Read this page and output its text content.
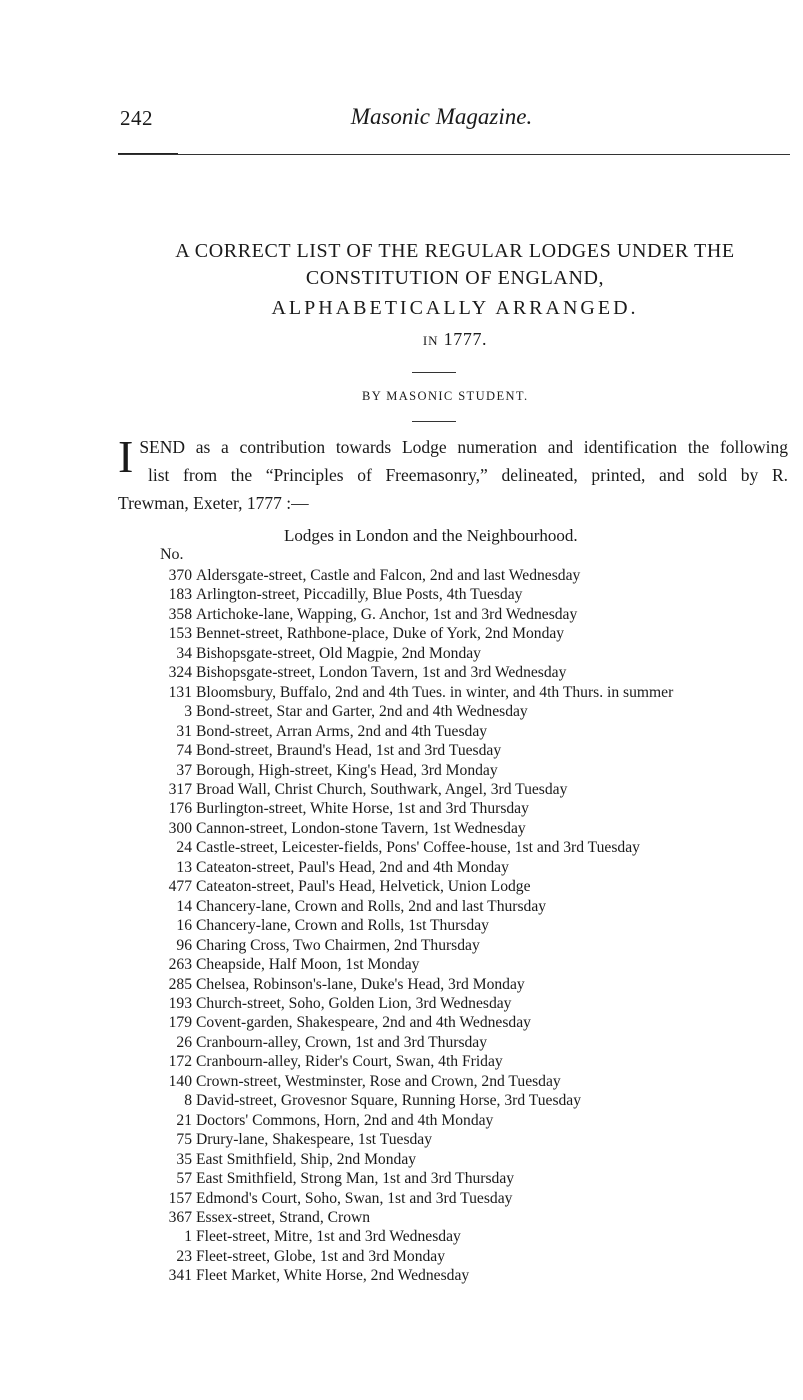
242	Masonic Magazine.
A CORRECT LIST OF THE REGULAR LODGES UNDER THE
CONSTITUTION OF ENGLAND,
ALPHABETICALLY ARRANGED.
IN 1777.
BY MASONIC STUDENT.
I SEND as a contribution towards Lodge numeration and identification the following
list from the “Principles of Freemasonry,” delineated, printed, and sold by R.
Trewman, Exeter, 1777 :—
Lodges in London and the Neighbourhood.
No.
370 Aldersgate-street, Castle and Falcon, 2nd and last Wednesday
183 Arlington-street, Piccadilly, Blue Posts, 4th Tuesday
358 Artichoke-lane, Wapping, G. Anchor, 1st and 3rd Wednesday
153 Bennet-street, Rathbone-place, Duke of York, 2nd Monday
34 Bishopsgate-street, Old Magpie, 2nd Monday
324 Bishopsgate-street, London Tavern, 1st and 3rd Wednesday
131 Bloomsbury, Buffalo, 2nd and 4th Tues. in winter, and 4th Thurs. in summer
3 Bond-street, Star and Garter, 2nd and 4th Wednesday
31 Bond-street, Arran Arms, 2nd and 4th Tuesday
74 Bond-street, Braund's Head, 1st and 3rd Tuesday
37 Borough, High-street, King's Head, 3rd Monday
317 Broad Wall, Christ Church, Southwark, Angel, 3rd Tuesday
176 Burlington-street, White Horse, 1st and 3rd Thursday
300 Cannon-street, London-stone Tavern, 1st Wednesday
24 Castle-street, Leicester-fields, Pons' Coffee-house, 1st and 3rd Tuesday
13 Cateaton-street, Paul's Head, 2nd and 4th Monday
477 Cateaton-street, Paul's Head, Helvetick, Union Lodge
14 Chancery-lane, Crown and Rolls, 2nd and last Thursday
16 Chancery-lane, Crown and Rolls, 1st Thursday
96 Charing Cross, Two Chairmen, 2nd Thursday
263 Cheapside, Half Moon, 1st Monday
285 Chelsea, Robinson's-lane, Duke's Head, 3rd Monday
193 Church-street, Soho, Golden Lion, 3rd Wednesday
179 Covent-garden, Shakespeare, 2nd and 4th Wednesday
26 Cranbourn-alley, Crown, 1st and 3rd Thursday
172 Cranbourn-alley, Rider's Court, Swan, 4th Friday
140 Crown-street, Westminster, Rose and Crown, 2nd Tuesday
8 David-street, Grovesnor Square, Running Horse, 3rd Tuesday
21 Doctors' Commons, Horn, 2nd and 4th Monday
75 Drury-lane, Shakespeare, 1st Tuesday
35 East Smithfield, Ship, 2nd Monday
57 East Smithfield, Strong Man, 1st and 3rd Thursday
157 Edmond's Court, Soho, Swan, 1st and 3rd Tuesday
367 Essex-street, Strand, Crown
1 Fleet-street, Mitre, 1st and 3rd Wednesday
23 Fleet-street, Globe, 1st and 3rd Monday
341 Fleet Market, White Horse, 2nd Wednesday
